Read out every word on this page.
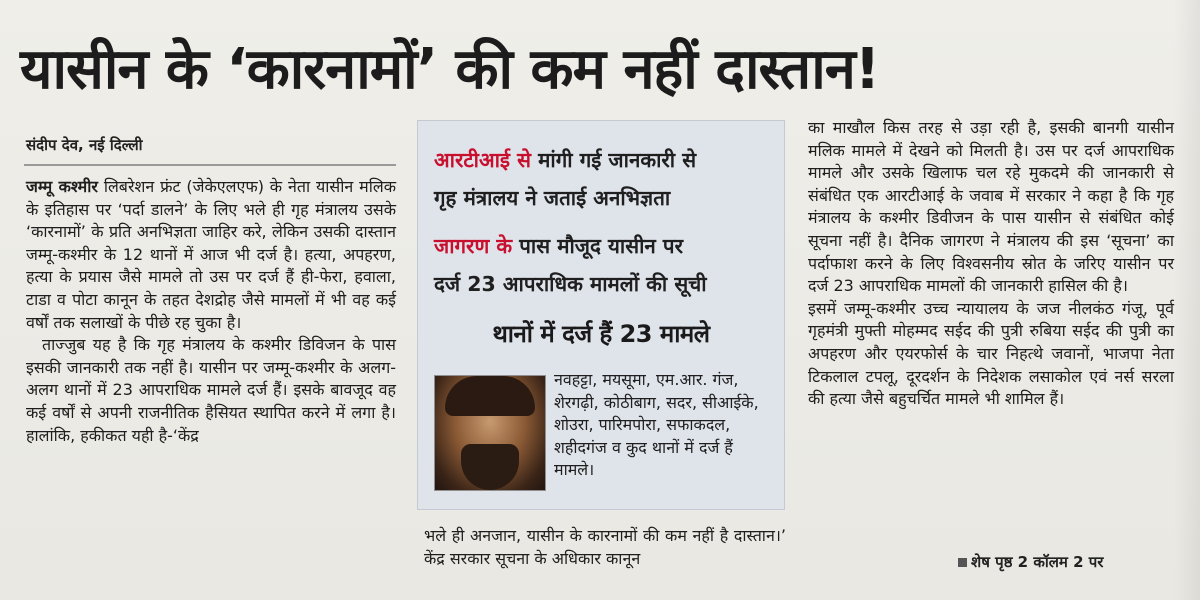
यासीन के ‘कारनामों’ की कम नहीं दास्तान!
संदीप देव, नई दिल्ली

जम्मू कश्मीर लिबरेशन फ्रंट (जेकेएलएफ) के नेता यासीन मलिक के इतिहास पर ‘पर्दा डालने’ के लिए भले ही गृह मंत्रालय उसके ‘कारनामों’ के प्रति अनभिज्ञता जाहिर करे, लेकिन उसकी दास्तान जम्मू-कश्मीर के 12 थानों में आज भी दर्ज है। हत्या, अपहरण, हत्या के प्रयास जैसे मामले तो उस पर दर्ज हैं ही-फेरा, हवाला, टाडा व पोटा कानून के तहत देशद्रोह जैसे मामलों में भी वह कई वर्षों तक सलाखों के पीछे रह चुका है।

ताज्जुब यह है कि गृह मंत्रालय के कश्मीर डिविजन के पास इसकी जानकारी तक नहीं है। यासीन पर जम्मू-कश्मीर के अलग-अलग थानों में 23 आपराधिक मामले दर्ज हैं। इसके बावजूद वह कई वर्षों से अपनी राजनीतिक हैसियत स्थापित करने में लगा है। हालांकि, हकीकत यही है-‘केंद्र

आरटीआई से मांगी गई जानकारी से
गृह मंत्रालय ने जताई अनभिज्ञता
जागरण के पास मौजूद यासीन पर
दर्ज 23 आपराधिक मामलों की सूची
थानों में दर्ज हैं 23 मामले
नवहट्टा, मयसूमा, एम.आर. गंज, शेरगढ़ी, कोठीबाग, सदर, सीआईके, शोउरा, पारिमपोरा, सफाकदल, शहीदगंज व कुद थानों में दर्ज हैं मामले।
भले ही अनजान, यासीन के कारनामों की कम नहीं है दास्तान।’ केंद्र सरकार सूचना के अधिकार कानून

का माखौल किस तरह से उड़ा रही है, इसकी बानगी यासीन मलिक मामले में देखने को मिलती है। उस पर दर्ज आपराधिक मामले और उसके खिलाफ चल रहे मुकदमे की जानकारी से संबंधित एक आरटीआई के जवाब में सरकार ने कहा है कि गृह मंत्रालय के कश्मीर डिवीजन के पास यासीन से संबंधित कोई सूचना नहीं है। दैनिक जागरण ने मंत्रालय की इस ‘सूचना’ का पर्दाफाश करने के लिए विश्वसनीय स्रोत के जरिए यासीन पर दर्ज 23 आपराधिक मामलों की जानकारी हासिल की है।

इसमें जम्मू-कश्मीर उच्च न्यायालय के जज नीलकंठ गंजू, पूर्व गृहमंत्री मुफ्ती मोहम्मद सईद की पुत्री रुबिया सईद की पुत्री का अपहरण और एयरफोर्स के चार निहत्थे जवानों, भाजपा नेता टिकलाल टपलू, दूरदर्शन के निदेशक लसाकोल एवं नर्स सरला की हत्या जैसे बहुचर्चित मामले भी शामिल हैं।

शेष पृष्ठ 2 कॉलम 2 पर
